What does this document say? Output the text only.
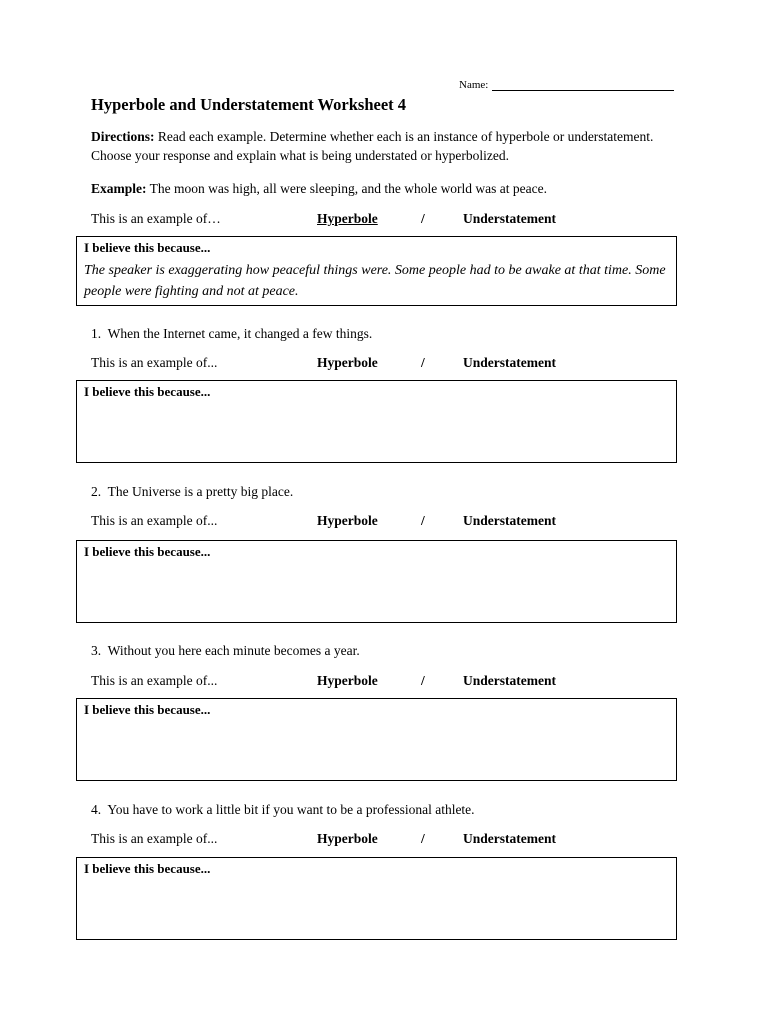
Name:
Hyperbole and Understatement Worksheet 4
Directions: Read each example. Determine whether each is an instance of hyperbole or understatement. Choose your response and explain what is being understated or hyperbolized.
Example: The moon was high, all were sleeping, and the whole world was at peace.
This is an example of…	Hyperbole	/	Understatement
I believe this because...
The speaker is exaggerating how peaceful things were. Some people had to be awake at that time. Some people were fighting and not at peace.
1. When the Internet came, it changed a few things.
This is an example of...	Hyperbole	/	Understatement
I believe this because...
2. The Universe is a pretty big place.
This is an example of...	Hyperbole	/	Understatement
I believe this because...
3. Without you here each minute becomes a year.
This is an example of...	Hyperbole	/	Understatement
I believe this because...
4. You have to work a little bit if you want to be a professional athlete.
This is an example of...	Hyperbole	/	Understatement
I believe this because...
